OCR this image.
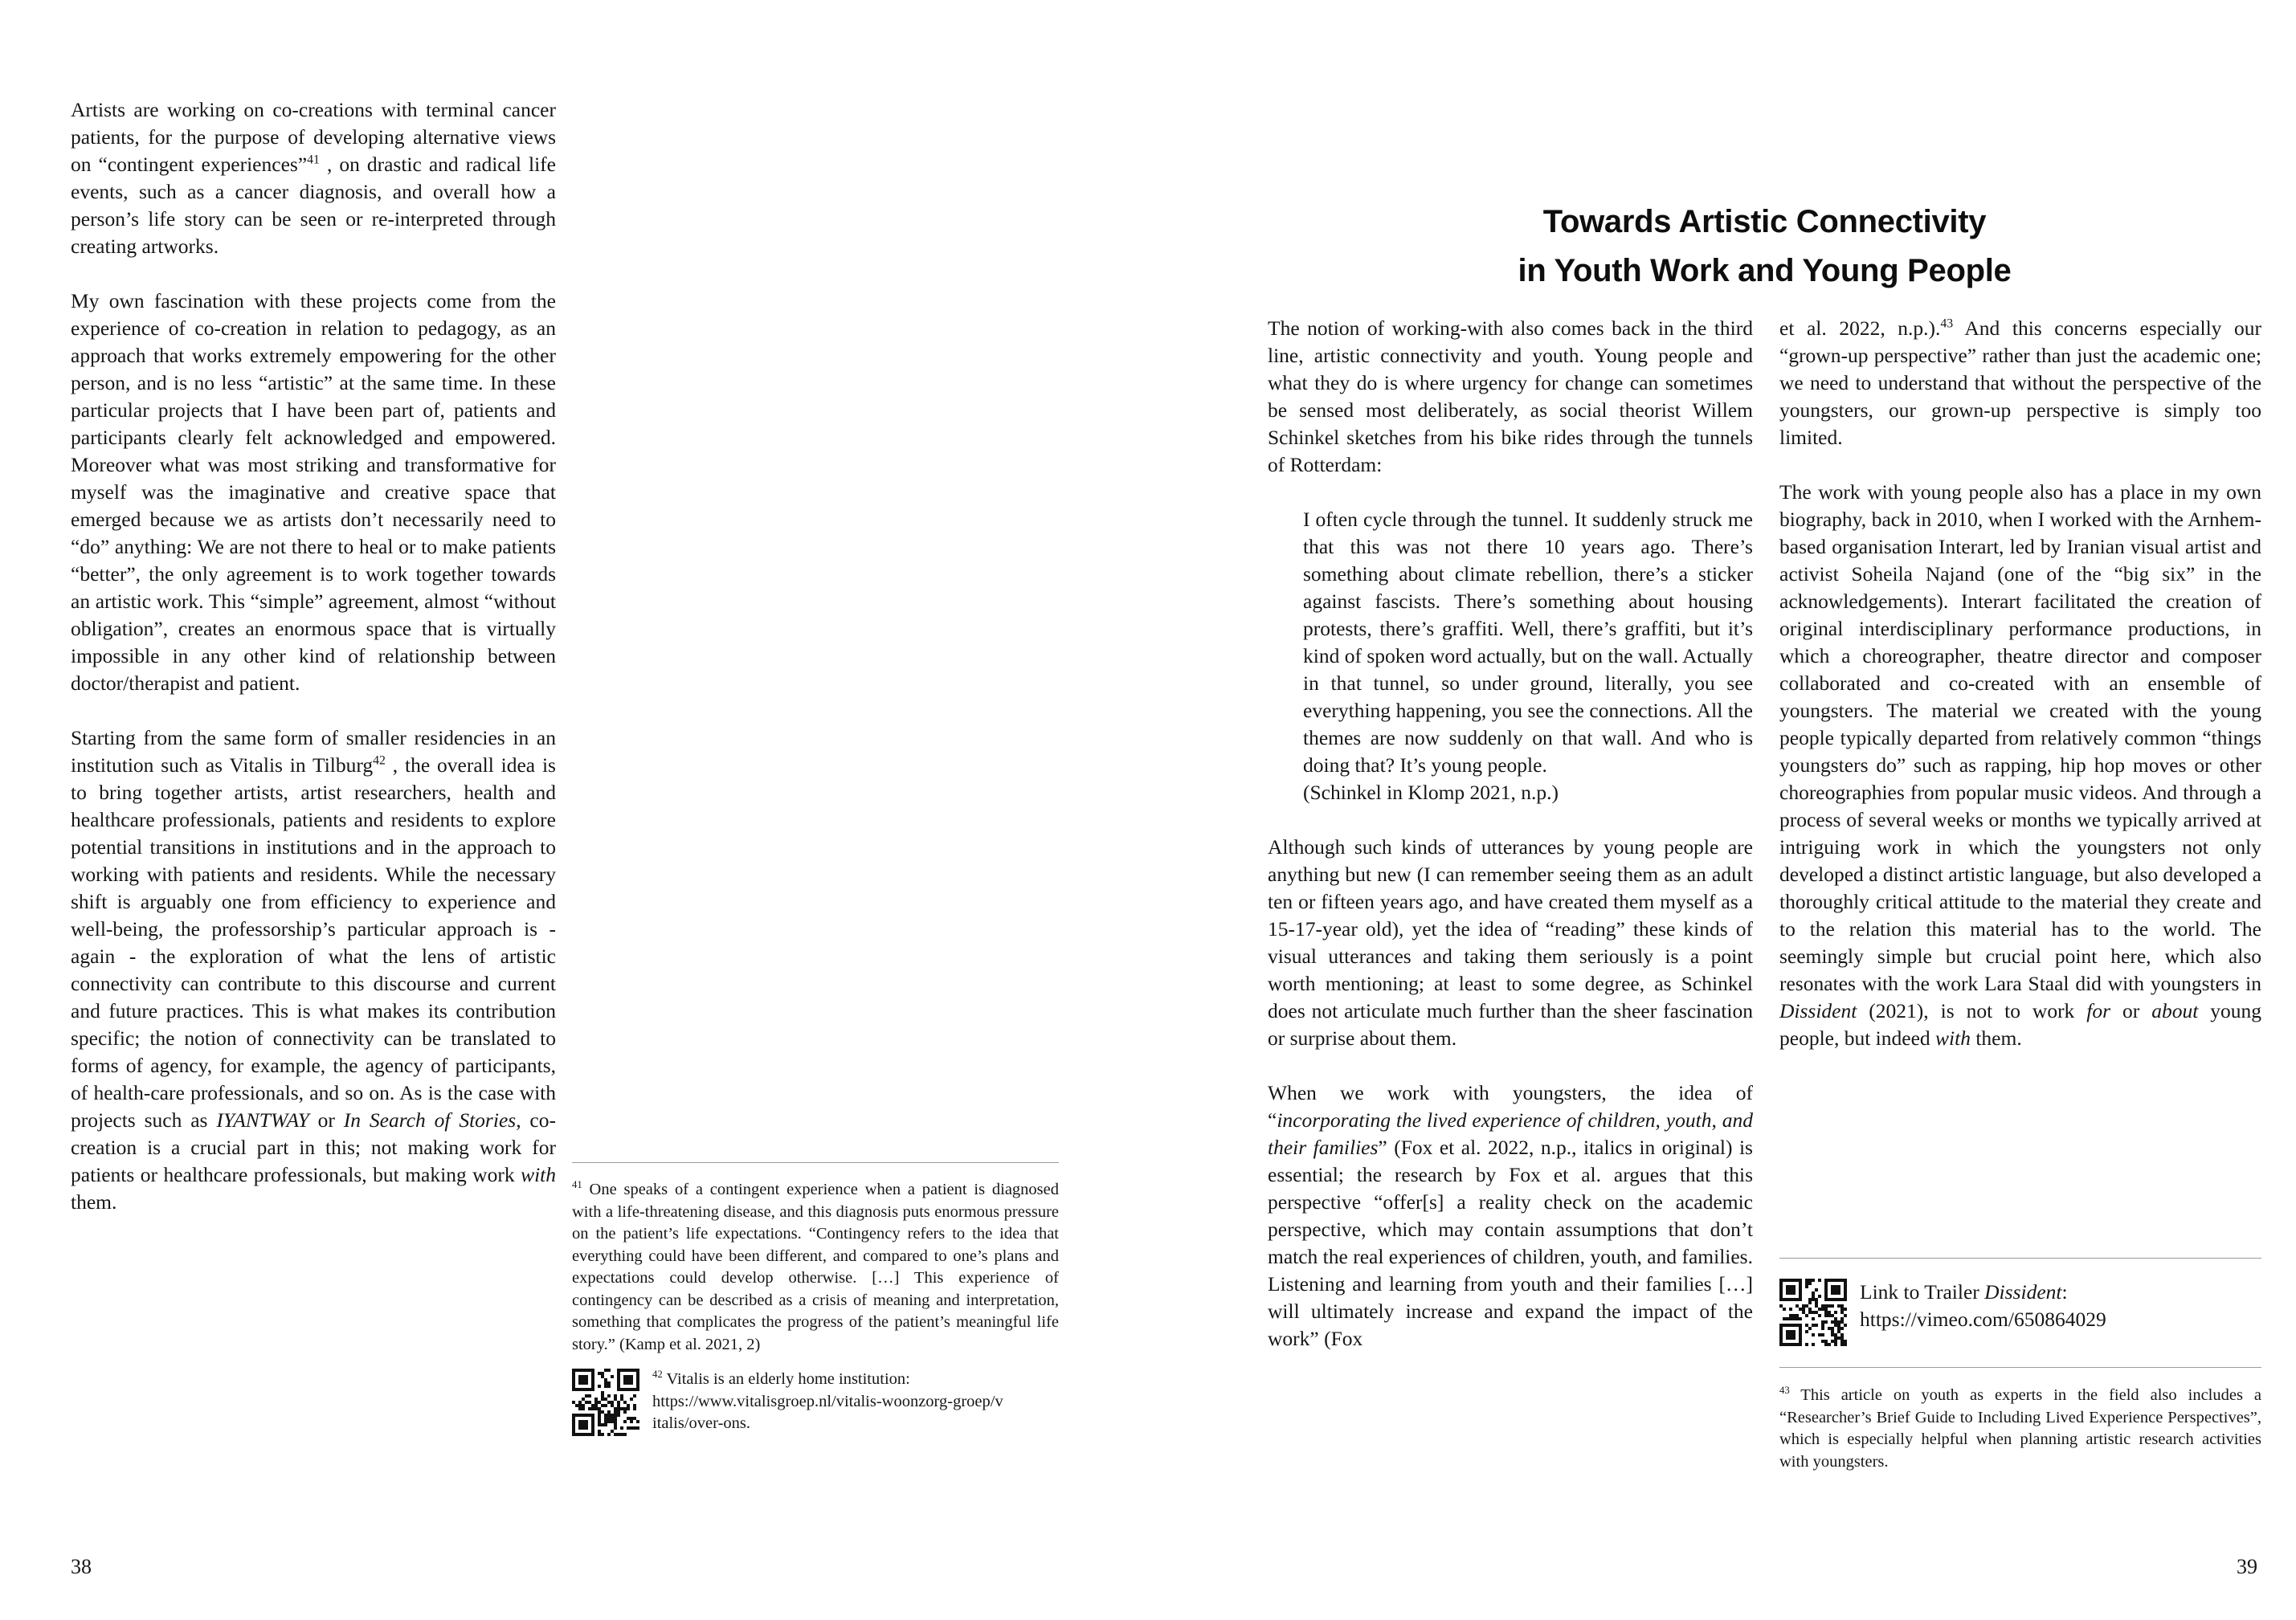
Artists are working on co-creations with terminal cancer patients, for the purpose of developing alternative views on “contingent experiences”$^{41}$ , on drastic and radical life events, such as a cancer diagnosis, and overall how a person’s life story can be seen or re-interpreted through creating artworks.

My own fascination with these projects come from the experience of co-creation in relation to pedagogy, as an approach that works extremely empowering for the other person, and is no less “artistic” at the same time. In these particular projects that I have been part of, patients and participants clearly felt acknowledged and empowered. Moreover what was most striking and transformative for myself was the imaginative and creative space that emerged because we as artists don’t necessarily need to “do” anything: We are not there to heal or to make patients “better”, the only agreement is to work together towards an artistic work. This “simple” agreement, almost “without obligation”, creates an enormous space that is virtually impossible in any other kind of relationship between doctor/therapist and patient.

Starting from the same form of smaller residencies in an institution such as Vitalis in Tilburg$^{42}$ , the overall idea is to bring together artists, artist researchers, health and healthcare professionals, patients and residents to explore potential transitions in institutions and in the approach to working with patients and residents. While the necessary shift is arguably one from efficiency to experience and well-being, the professorship’s particular approach is - again - the exploration of what the lens of artistic connectivity can contribute to this discourse and current and future practices. This is what makes its contribution specific; the notion of connectivity can be translated to forms of agency, for example, the agency of participants, of health-care professionals, and so on. As is the case with projects such as IYANTWAY or In Search of Stories, co-creation is a crucial part in this; not making work for patients or healthcare professionals, but making work with them.

$^{41}$ One speaks of a contingent experience when a patient is diagnosed with a life-threatening disease, and this diagnosis puts enormous pressure on the patient’s life expectations. “Contingency refers to the idea that everything could have been different, and compared to one’s plans and expectations could develop otherwise. […] This experience of contingency can be described as a crisis of meaning and interpretation, something that complicates the progress of the patient’s meaningful life story.” (Kamp et al. 2021, 2)

$^{42}$ Vitalis is an elderly home institution:

https://www.vitalisgroep.nl/vitalis-woonzorg-groep/vitalis/over-ons.

38
Towards Artistic Connectivity
in Youth Work and Young People

The notion of working-with also comes back in the third line, artistic connectivity and youth. Young people and what they do is where urgency for change can sometimes be sensed most deliberately, as social theorist Willem Schinkel sketches from his bike rides through the tunnels of Rotterdam:

I often cycle through the tunnel. It suddenly struck me that this was not there 10 years ago. There’s something about climate rebellion, there’s a sticker against fascists. There’s something about housing protests, there’s graffiti. Well, there’s graffiti, but it’s kind of spoken word actually, but on the wall. Actually in that tunnel, so under ground, literally, you see everything happening, you see the connections. All the themes are now suddenly on that wall. And who is doing that? It’s young people.

(Schinkel in Klomp 2021, n.p.)

Although such kinds of utterances by young people are anything but new (I can remember seeing them as an adult ten or fifteen years ago, and have created them myself as a 15-17-year old), yet the idea of “reading” these kinds of visual utterances and taking them seriously is a point worth mentioning; at least to some degree, as Schinkel does not articulate much further than the sheer fascination or surprise about them.

When we work with youngsters, the idea of “incorporating the lived experience of children, youth, and their families” (Fox et al. 2022, n.p., italics in original) is essential; the research by Fox et al. argues that this perspective “offer[s] a reality check on the academic perspective, which may contain assumptions that don’t match the real experiences of children, youth, and families. Listening and learning from youth and their families […] will ultimately increase and expand the impact of the work” (Fox

et al. 2022, n.p.).$^{43}$ And this concerns especially our “grown-up perspective” rather than just the academic one; we need to understand that without the perspective of the youngsters, our grown-up perspective is simply too limited.

The work with young people also has a place in my own biography, back in 2010, when I worked with the Arnhem-based organisation Interart, led by Iranian visual artist and activist Soheila Najand (one of the “big six” in the acknowledgements). Interart facilitated the creation of original interdisciplinary performance productions, in which a choreographer, theatre director and composer collaborated and co-created with an ensemble of youngsters. The material we created with the young people typically departed from relatively common “things youngsters do” such as rapping, hip hop moves or other choreographies from popular music videos. And through a process of several weeks or months we typically arrived at intriguing work in which the youngsters not only developed a distinct artistic language, but also developed a thoroughly critical attitude to the material they create and to the relation this material has to the world. The seemingly simple but crucial point here, which also resonates with the work Lara Staal did with youngsters in Dissident (2021), is not to work for or about young people, but indeed with them.

Link to Trailer Dissident:

https://vimeo.com/650864029

$^{43}$ This article on youth as experts in the field also includes a “Researcher’s Brief Guide to Including Lived Experience Perspectives”, which is especially helpful when planning artistic research activities with youngsters.

39
